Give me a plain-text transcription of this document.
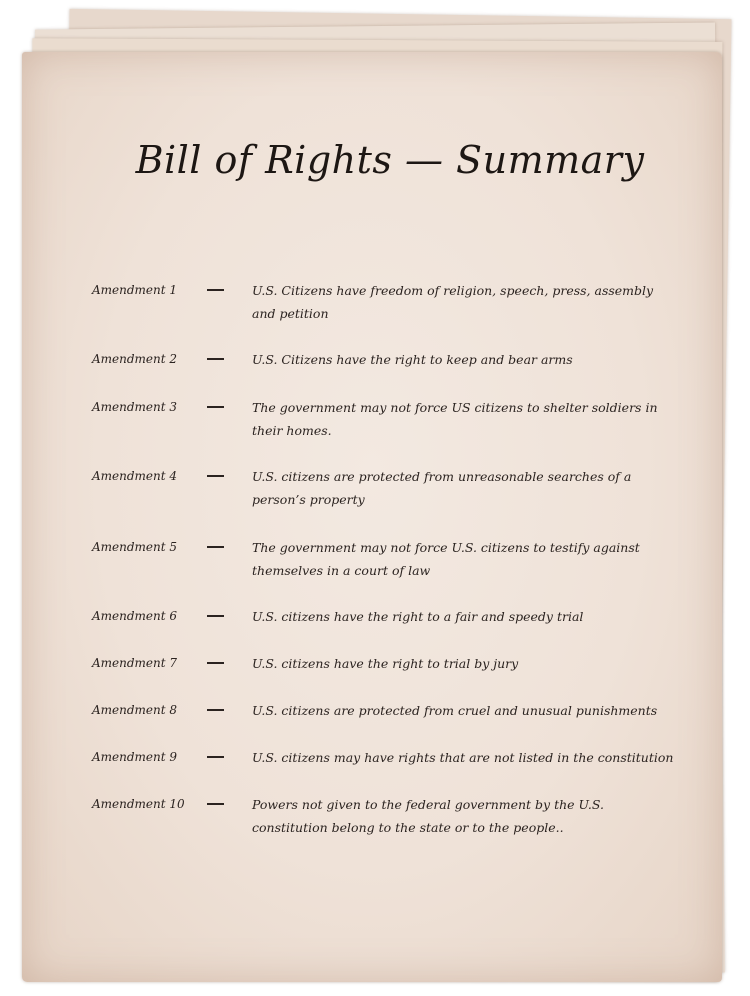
Bill of Rights — Summary
Amendment 1	U.S. Citizens have freedom of religion, speech, press, assembly and petition
Amendment 2	U.S. Citizens have the right to keep and bear arms
Amendment 3	The government may not force US citizens to shelter soldiers in their homes.
Amendment 4	U.S. citizens are protected from unreasonable searches of a person’s property
Amendment 5	The government may not force U.S. citizens to testify against themselves in a court of law
Amendment 6	U.S. citizens have the right to a fair and speedy trial
Amendment 7	U.S. citizens have the right to trial by jury
Amendment 8	U.S. citizens are protected from cruel and unusual punishments
Amendment 9	U.S. citizens may have rights that are not listed in the constitution
Amendment 10	Powers not given to the federal government by the U.S. constitution belong to the state or to the people..
